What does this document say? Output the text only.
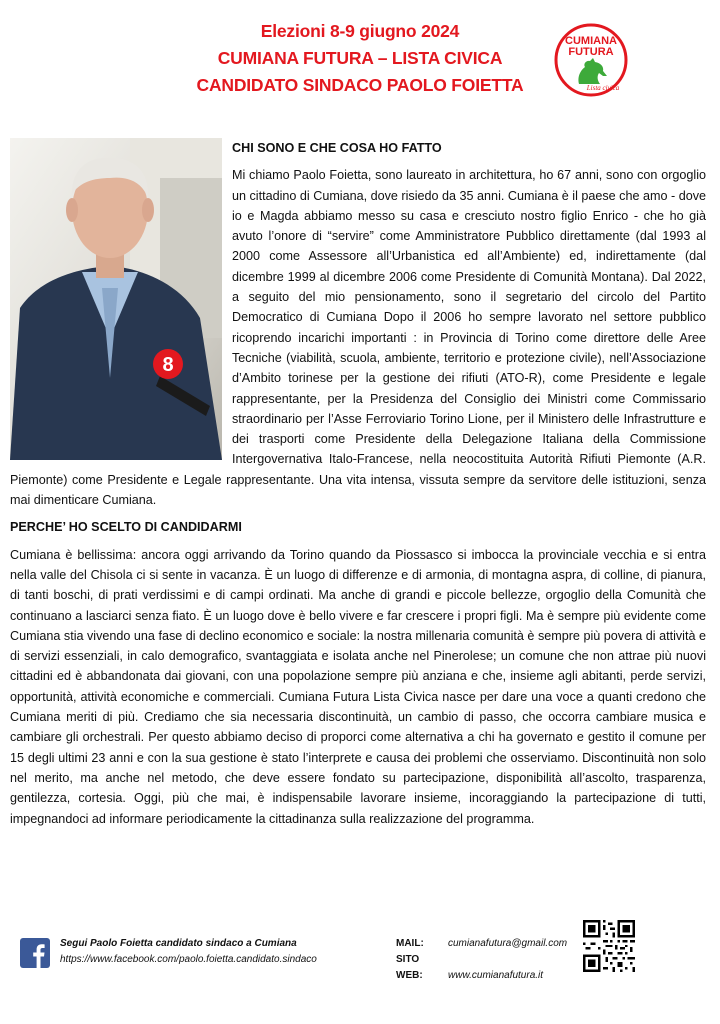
Elezioni 8-9 giugno 2024
CUMIANA FUTURA – LISTA CIVICA
CANDIDATO SINDACO PAOLO FOIETTA
CUMIANA
FUTURA
Lista civica
8

CHI SONO E CHE COSA HO FATTO

Mi chiamo Paolo Foietta, sono laureato in architettura, ho 67 anni, sono con orgoglio un cittadino di Cumiana, dove risiedo da 35 anni. Cumiana è il paese che amo - dove io e Magda abbiamo messo su casa e cresciuto nostro figlio Enrico - che ho già avuto l’onore di “servire” come Amministratore Pubblico direttamente (dal 1993 al 2000 come Assessore all’Urbanistica ed all’Ambiente) ed, indirettamente (dal dicembre 1999 al dicembre 2006 come Presidente di Comunità Montana). Dal 2022, a seguito del mio pensionamento, sono il segretario del circolo del Partito Democratico di Cumiana Dopo il 2006 ho sempre lavorato nel settore pubblico ricoprendo incarichi importanti : in Provincia di Torino come direttore delle Aree Tecniche (viabilità, scuola, ambiente, territorio e protezione civile), nell’Associazione d’Ambito torinese per la gestione dei rifiuti (ATO-R), come Presidente e legale rappresentante, per la Presidenza del Consiglio dei Ministri come Commissario straordinario per l’Asse Ferroviario Torino Lione, per il Ministero delle Infrastrutture e dei trasporti come Presidente della Delegazione Italiana della Commissione Intergovernativa Italo-Francese, nella neocostituita Autorità Rifiuti Piemonte (A.R. Piemonte) come Presidente e Legale rappresentante. Una vita intensa, vissuta sempre da servitore delle istituzioni, senza mai dimenticare Cumiana.

PERCHE’ HO SCELTO DI CANDIDARMI

Cumiana è bellissima: ancora oggi arrivando da Torino quando da Piossasco si imbocca la provinciale vecchia e si entra nella valle del Chisola ci si sente in vacanza. È un luogo di differenze e di armonia, di montagna aspra, di colline, di pianura, di tanti boschi, di prati verdissimi e di campi ordinati. Ma anche di grandi e piccole bellezze, orgoglio della Comunità che continuano a lasciarci senza fiato. È un luogo dove è bello vivere e far crescere i propri figli. Ma è sempre più evidente come Cumiana stia vivendo una fase di declino economico e sociale: la nostra millenaria comunità è sempre più povera di attività e di servizi essenziali, in calo demografico, svantaggiata e isolata anche nel Pinerolese; un comune che non attrae più nuovi cittadini ed è abbandonata dai giovani, con una popolazione sempre più anziana e che, insieme agli abitanti, perde servizi, opportunità, attività economiche e commerciali. Cumiana Futura Lista Civica nasce per dare una voce a quanti credono che Cumiana meriti di più. Crediamo che sia necessaria discontinuità, un cambio di passo, che occorra cambiare musica e cambiare gli orchestrali. Per questo abbiamo deciso di proporci come alternativa a chi ha governato e gestito il comune per 15 degli ultimi 23 anni e con la sua gestione è stato l’interprete e causa dei problemi che osserviamo. Discontinuità non solo nel merito, ma anche nel metodo, che deve essere fondato su partecipazione, disponibilità all’ascolto, trasparenza, gentilezza, cortesia. Oggi, più che mai, è indispensabile lavorare insieme, incoraggiando la partecipazione di tutti, impegnandoci ad informare periodicamente la cittadinanza sulla realizzazione del programma.

Segui Paolo Foietta candidato sindaco a Cumiana
https://www.facebook.com/paolo.foietta.candidato.sindaco
MAIL: cumianafutura@gmail.com
SITO WEB:	www.cumianafutura.it
